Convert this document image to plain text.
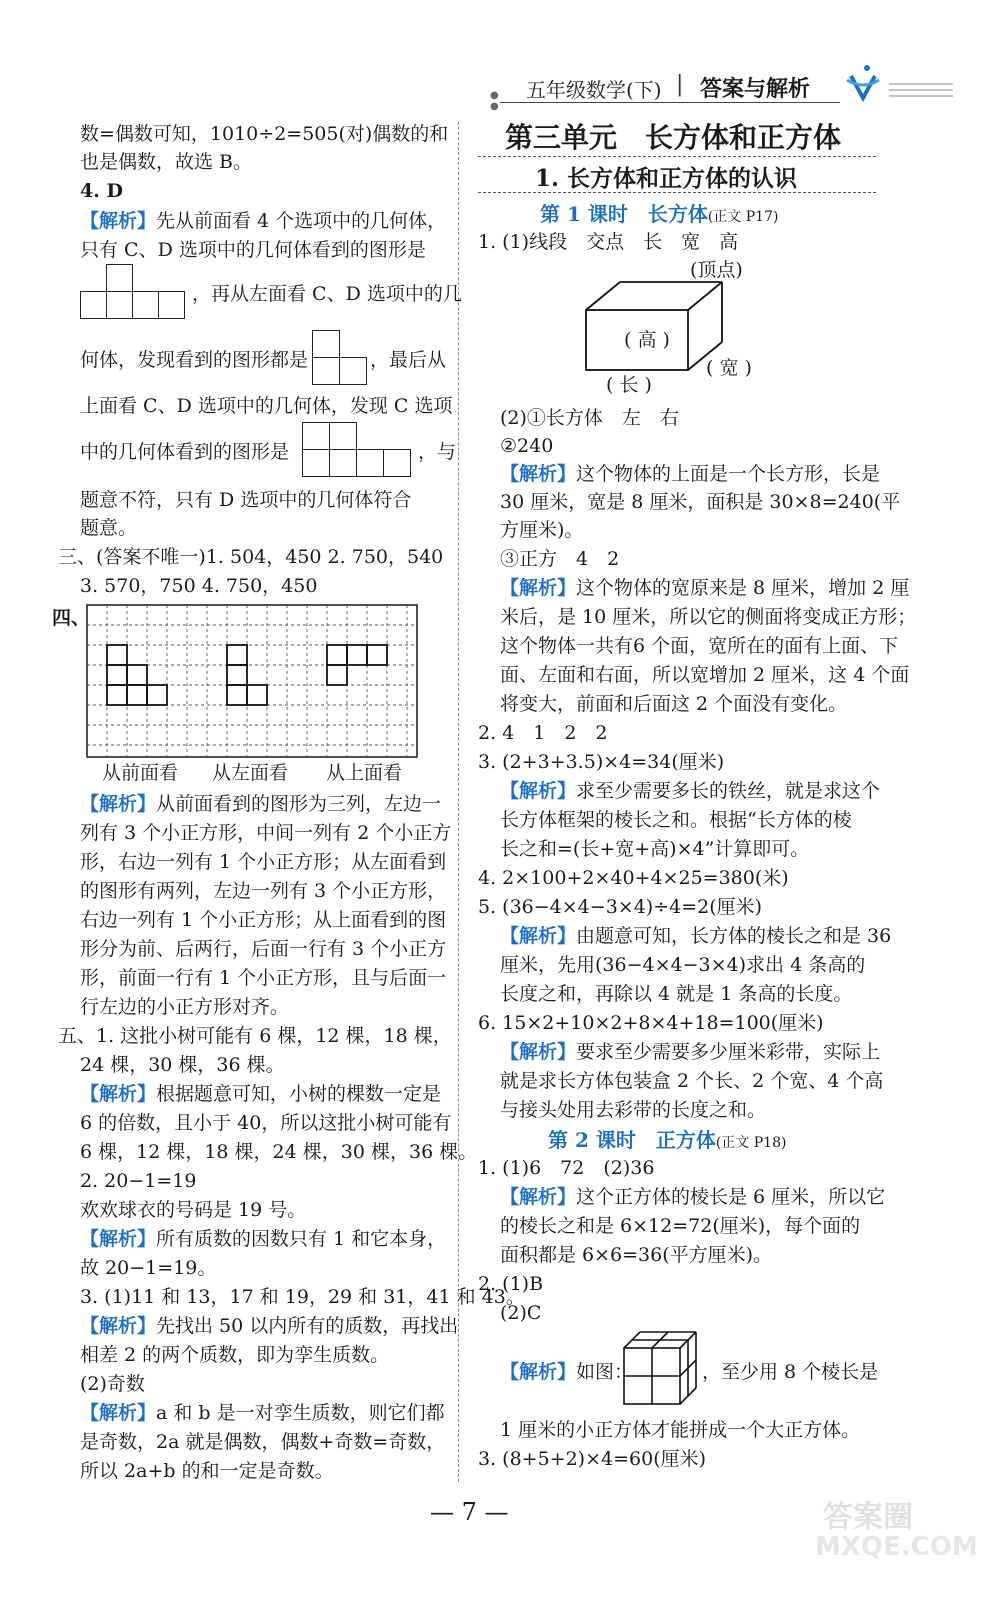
● ●
五年级数学(下) | 答案与解析
数=偶数可知，1010÷2=505(对)偶数的和
也是偶数，故选 B。
4. D
【解析】先从前面看 4 个选项中的几何体，
只有 C、D 选项中的几何体看到的图形是
，再从左面看 C、D 选项中的几
何体，发现看到的图形都是	，最后从
上面看 C、D 选项中的几何体，发现 C 选项
中的几何体看到的图形是	，与
题意不符，只有 D 选项中的几何体符合
题意。
三、(答案不唯一)1. 504，450 2. 750，540
3. 570，750 4. 750，450
四、
从前面看 从左面看 从上面看
【解析】从前面看到的图形为三列，左边一
列有 3 个小正方形，中间一列有 2 个小正方
形，右边一列有 1 个小正方形；从左面看到
的图形有两列，左边一列有 3 个小正方形，
右边一列有 1 个小正方形；从上面看到的图
形分为前、后两行，后面一行有 3 个小正方
形，前面一行有 1 个小正方形，且与后面一
行左边的小正方形对齐。
五、1. 这批小树可能有 6 棵，12 棵，18 棵，
24 棵，30 棵，36 棵。
【解析】根据题意可知，小树的棵数一定是
6 的倍数，且小于 40，所以这批小树可能有
6 棵，12 棵，18 棵，24 棵，30 棵，36 棵。
2. 20−1=19
欢欢球衣的号码是 19 号。
【解析】所有质数的因数只有 1 和它本身，
故 20−1=19。
3. (1)11 和 13，17 和 19，29 和 31，41 和 43。
【解析】先找出 50 以内所有的质数，再找出
相差 2 的两个质数，即为孪生质数。
(2)奇数
【解析】a 和 b 是一对孪生质数，则它们都
是奇数，2a 就是偶数，偶数+奇数=奇数，
所以 2a+b 的和一定是奇数。
第三单元　长方体和正方体
1. 长方体和正方体的认识
第 1 课时　长方体(正文 P17)
1. (1)线段　交点　长　宽　高
(顶点)
( 高 )
( 宽 )
( 长 )
(2)①长方体　左　右
②240
【解析】这个物体的上面是一个长方形，长是
30 厘米，宽是 8 厘米，面积是 30×8=240(平
方厘米)。
③正方　4　2
【解析】这个物体的宽原来是 8 厘米，增加 2 厘
米后，是 10 厘米，所以它的侧面将变成正方形；
这个物体一共有6 个面，宽所在的面有上面、下
面、左面和右面，所以宽增加 2 厘米，这 4 个面
将变大，前面和后面这 2 个面没有变化。
2. 4　1　2　2
3. (2+3+3.5)×4=34(厘米)
【解析】求至少需要多长的铁丝，就是求这个
长方体框架的棱长之和。根据“长方体的棱
长之和=(长+宽+高)×4”计算即可。
4. 2×100+2×40+4×25=380(米)
5. (36−4×4−3×4)÷4=2(厘米)
【解析】由题意可知，长方体的棱长之和是 36
厘米，先用(36−4×4−3×4)求出 4 条高的
长度之和，再除以 4 就是 1 条高的长度。
6. 15×2+10×2+8×4+18=100(厘米)
【解析】要求至少需要多少厘米彩带，实际上
就是求长方体包装盒 2 个长、2 个宽、4 个高
与接头处用去彩带的长度之和。
第 2 课时　正方体(正文 P18)
1. (1)6　72　(2)36
【解析】这个正方体的棱长是 6 厘米，所以它
的棱长之和是 6×12=72(厘米)，每个面的
面积都是 6×6=36(平方厘米)。
2. (1)B
(2)C
【解析】如图：	，至少用 8 个棱长是
1 厘米的小正方体才能拼成一个大正方体。
3. (8+5+2)×4=60(厘米)
— 7 —	答案圈
MXQE.COM
